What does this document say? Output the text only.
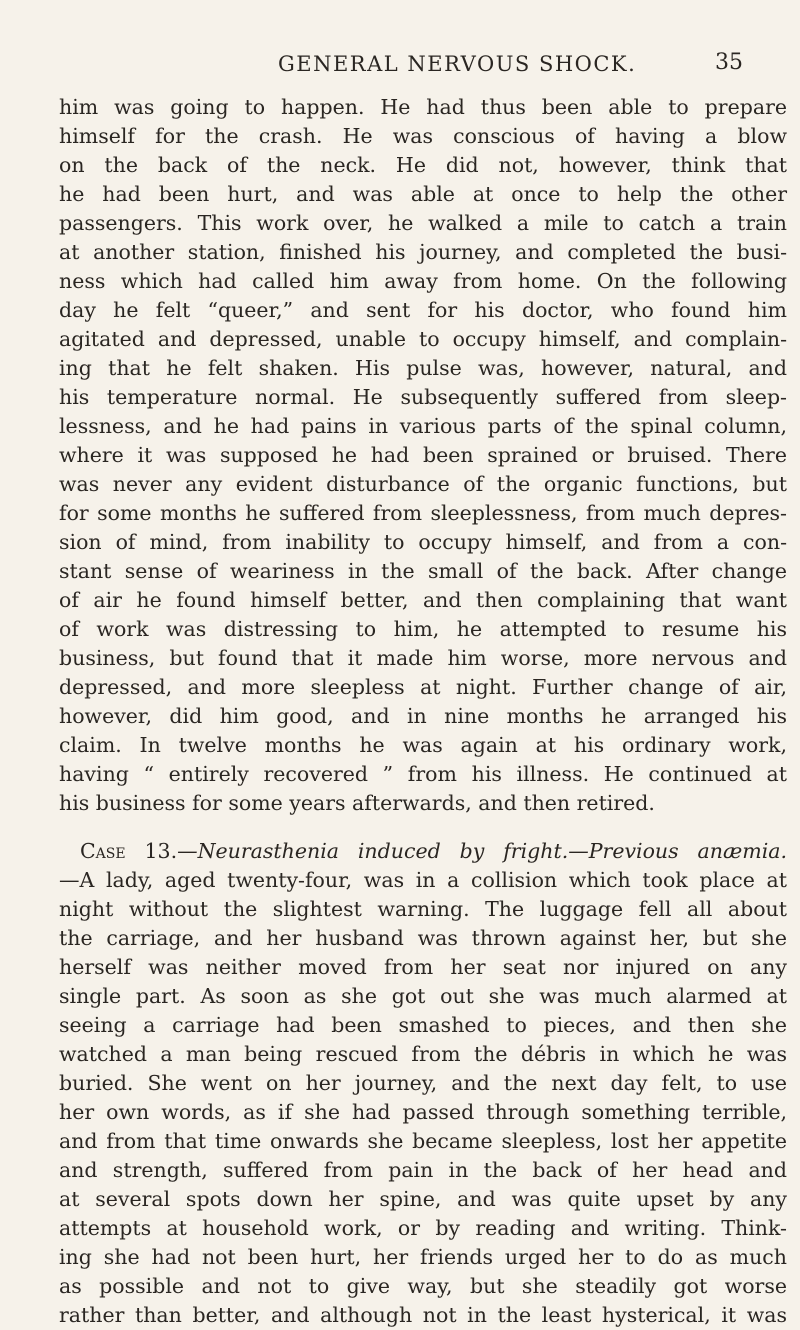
GENERAL NERVOUS SHOCK.	35
him was going to happen. He had thus been able to prepare
himself for the crash. He was conscious of having a blow
on the back of the neck. He did not, however, think that
he had been hurt, and was able at once to help the other
passengers. This work over, he walked a mile to catch a train
at another station, finished his journey, and completed the busi-
ness which had called him away from home. On the following
day he felt “queer,” and sent for his doctor, who found him
agitated and depressed, unable to occupy himself, and complain-
ing that he felt shaken. His pulse was, however, natural, and
his temperature normal. He subsequently suffered from sleep-
lessness, and he had pains in various parts of the spinal column,
where it was supposed he had been sprained or bruised. There
was never any evident disturbance of the organic functions, but
for some months he suffered from sleeplessness, from much depres-
sion of mind, from inability to occupy himself, and from a con-
stant sense of weariness in the small of the back. After change
of air he found himself better, and then complaining that want
of work was distressing to him, he attempted to resume his
business, but found that it made him worse, more nervous and
depressed, and more sleepless at night. Further change of air,
however, did him good, and in nine months he arranged his
claim. In twelve months he was again at his ordinary work,
having “ entirely recovered ” from his illness. He continued at
his business for some years afterwards, and then retired.
Case 13.—Neurasthenia induced by fright.—Previous anæmia.
—A lady, aged twenty-four, was in a collision which took place at
night without the slightest warning. The luggage fell all about
the carriage, and her husband was thrown against her, but she
herself was neither moved from her seat nor injured on any
single part. As soon as she got out she was much alarmed at
seeing a carriage had been smashed to pieces, and then she
watched a man being rescued from the débris in which he was
buried. She went on her journey, and the next day felt, to use
her own words, as if she had passed through something terrible,
and from that time onwards she became sleepless, lost her appetite
and strength, suffered from pain in the back of her head and
at several spots down her spine, and was quite upset by any
attempts at household work, or by reading and writing. Think-
ing she had not been hurt, her friends urged her to do as much
as possible and not to give way, but she steadily got worse
rather than better, and although not in the least hysterical, it was
